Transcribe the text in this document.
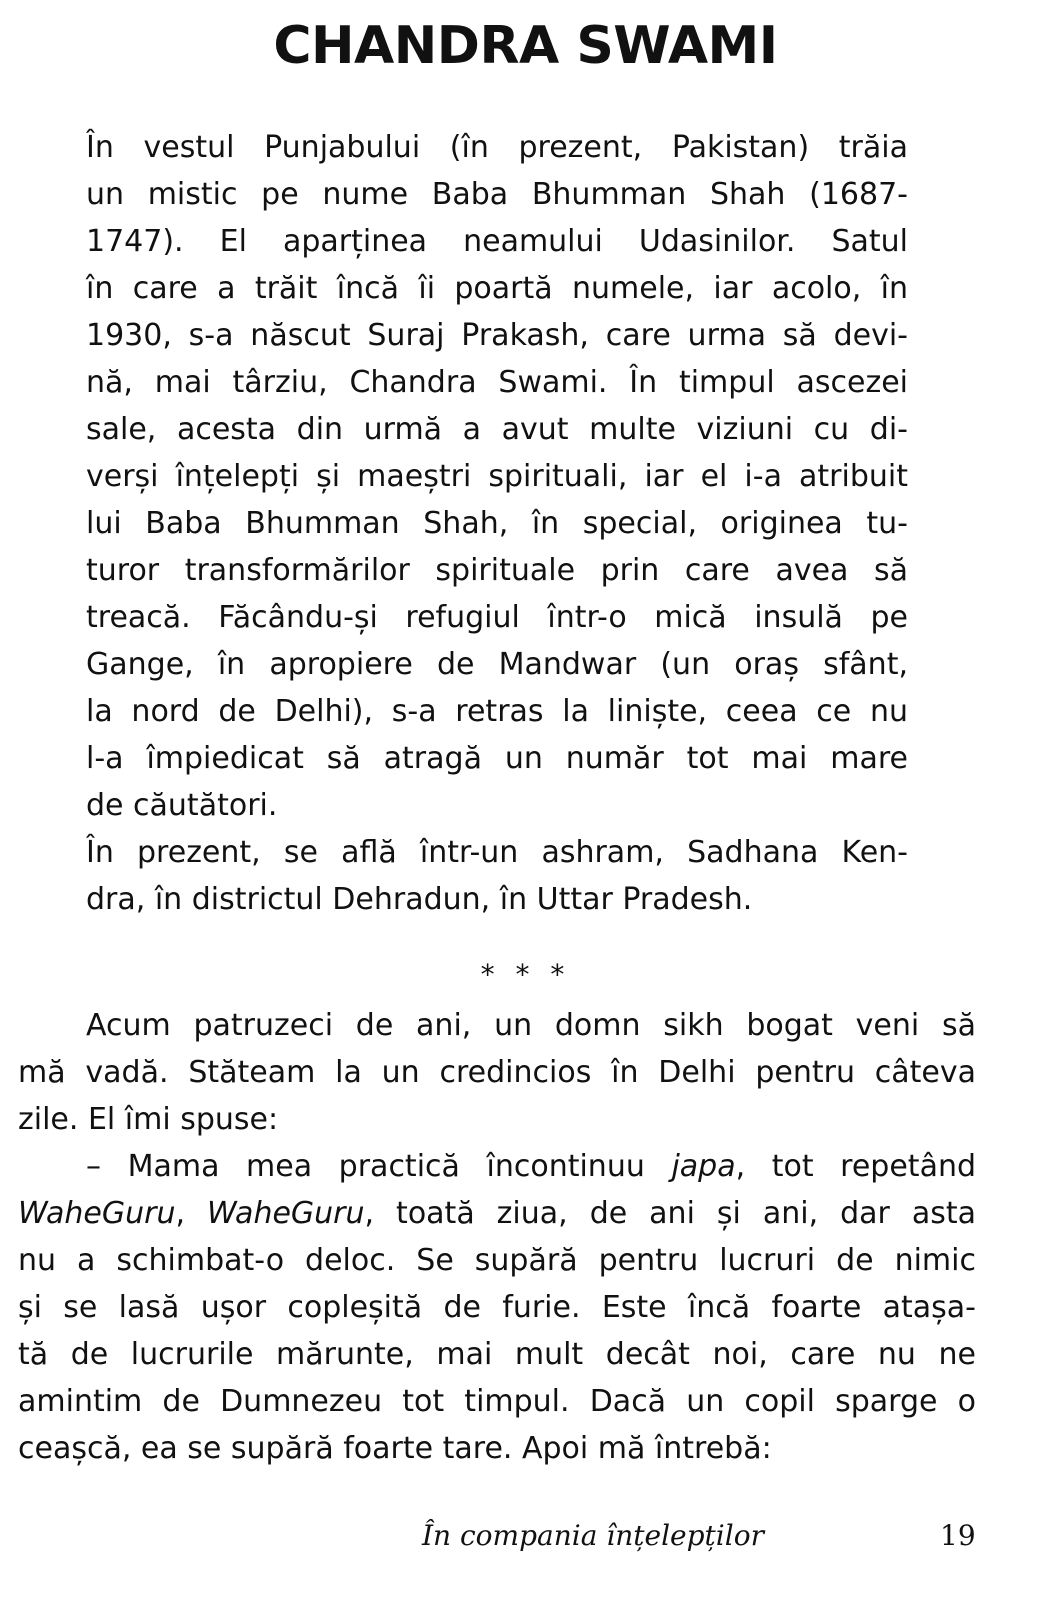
CHANDRA SWAMI
În vestul Punjabului (în prezent, Pakistan) trăia
un mistic pe nume Baba Bhumman Shah (1687-
1747). El aparținea neamului Udasinilor. Satul
în care a trăit încă îi poartă numele, iar acolo, în
1930, s-a născut Suraj Prakash, care urma să devi-
nă, mai târziu, Chandra Swami. În timpul ascezei
sale, acesta din urmă a avut multe viziuni cu di-
verși înțelepți și maeștri spirituali, iar el i-a atribuit
lui Baba Bhumman Shah, în special, originea tu-
turor transformărilor spirituale prin care avea să
treacă. Făcându-și refugiul într-o mică insulă pe
Gange, în apropiere de Mandwar (un oraș sfânt,
la nord de Delhi), s-a retras la liniște, ceea ce nu
l-a împiedicat să atragă un număr tot mai mare
de căutători.
În prezent, se află într-un ashram, Sadhana Ken-
dra, în districtul Dehradun, în Uttar Pradesh.
* * *
Acum patruzeci de ani, un domn sikh bogat veni să
mă vadă. Stăteam la un credincios în Delhi pentru câteva
zile. El îmi spuse:
– Mama mea practică încontinuu japa, tot repetând
WaheGuru, WaheGuru, toată ziua, de ani și ani, dar asta
nu a schimbat-o deloc. Se supără pentru lucruri de nimic
și se lasă ușor copleșită de furie. Este încă foarte atașa-
tă de lucrurile mărunte, mai mult decât noi, care nu ne
amintim de Dumnezeu tot timpul. Dacă un copil sparge o
ceașcă, ea se supără foarte tare. Apoi mă întrebă:
În compania înțelepților	19
